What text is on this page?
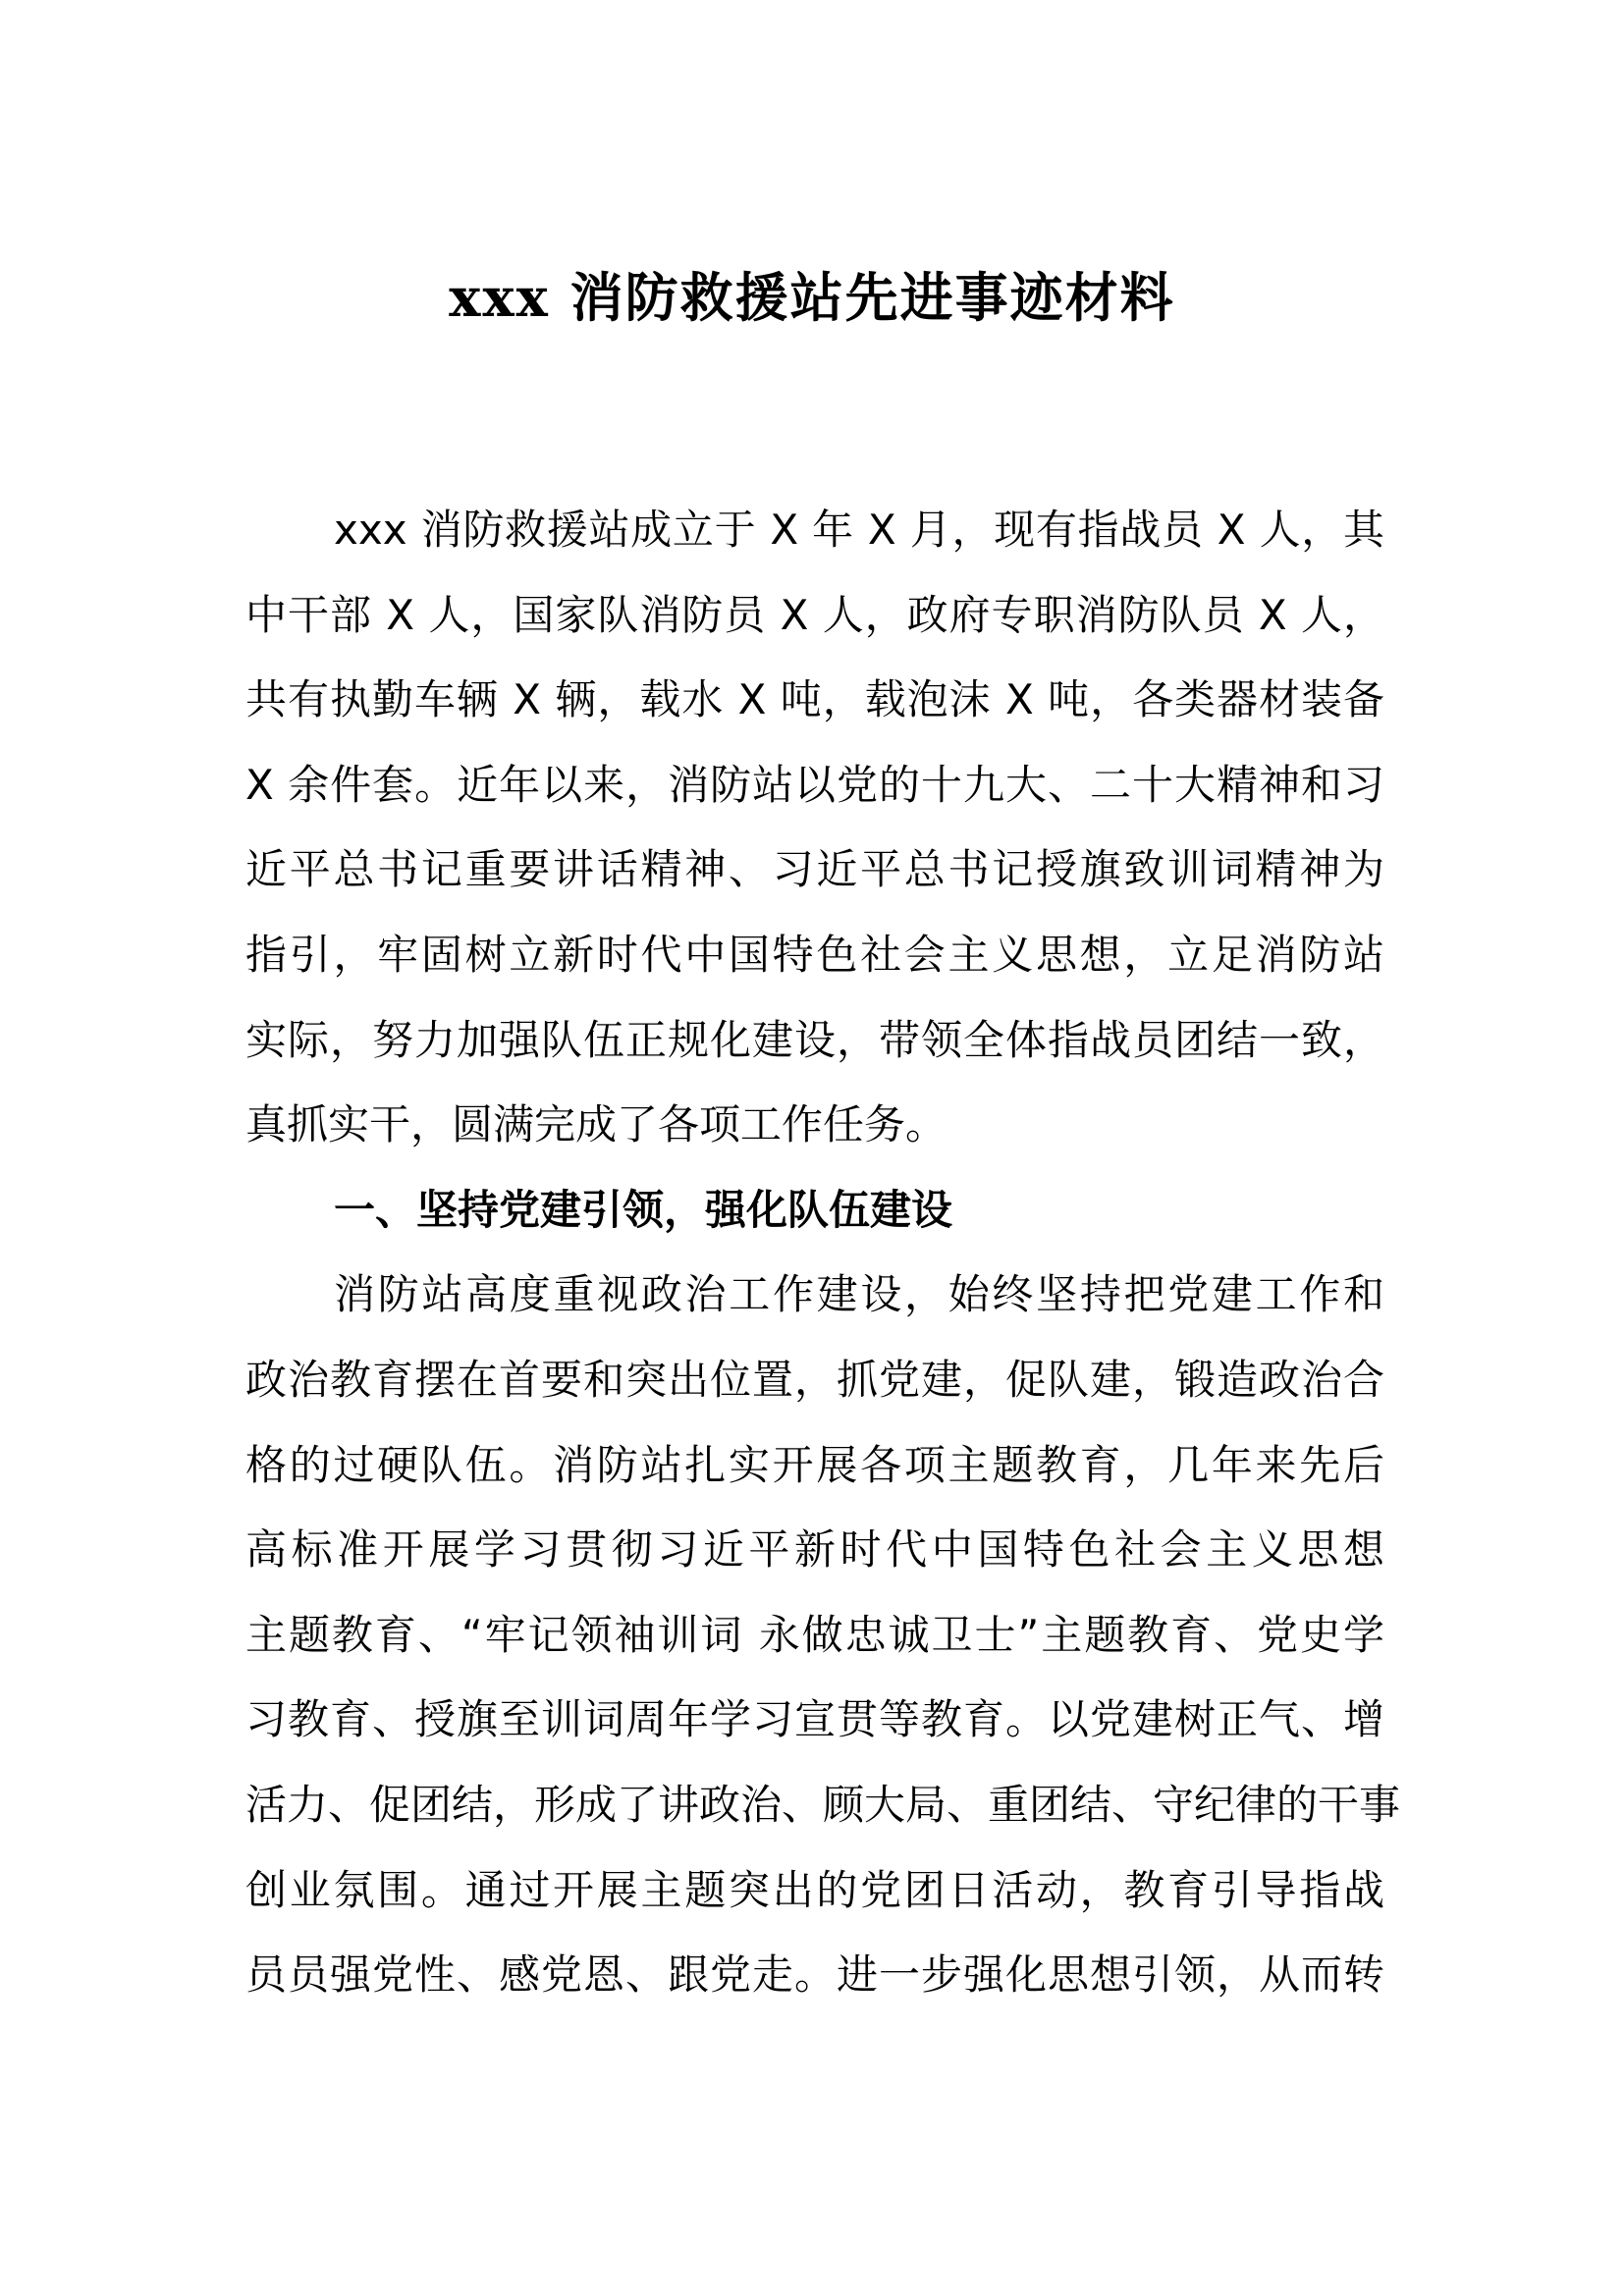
xxx 消防救援站先进事迹材料
xxx 消防救援站成立于 X 年 X 月，现有指战员 X 人，其
中干部 X 人，国家队消防员 X 人，政府专职消防队员 X 人，
共有执勤车辆 X 辆，载水 X 吨，载泡沫 X 吨，各类器材装备
X 余件套。近年以来，消防站以党的十九大、二十大精神和习
近平总书记重要讲话精神、习近平总书记授旗致训词精神为
指引，牢固树立新时代中国特色社会主义思想，立足消防站
实际，努力加强队伍正规化建设，带领全体指战员团结一致，
真抓实干，圆满完成了各项工作任务。
一、坚持党建引领，强化队伍建设
消防站高度重视政治工作建设，始终坚持把党建工作和
政治教育摆在首要和突出位置，抓党建，促队建，锻造政治合
格的过硬队伍。消防站扎实开展各项主题教育，几年来先后
高标准开展学习贯彻习近平新时代中国特色社会主义思想
主题教育、“牢记领袖训词 永做忠诚卫士”主题教育、党史学
习教育、授旗至训词周年学习宣贯等教育。以党建树正气、增
活力、促团结，形成了讲政治、顾大局、重团结、守纪律的干事
创业氛围。通过开展主题突出的党团日活动，教育引导指战
员员强党性、感党恩、跟党走。进一步强化思想引领，从而转
